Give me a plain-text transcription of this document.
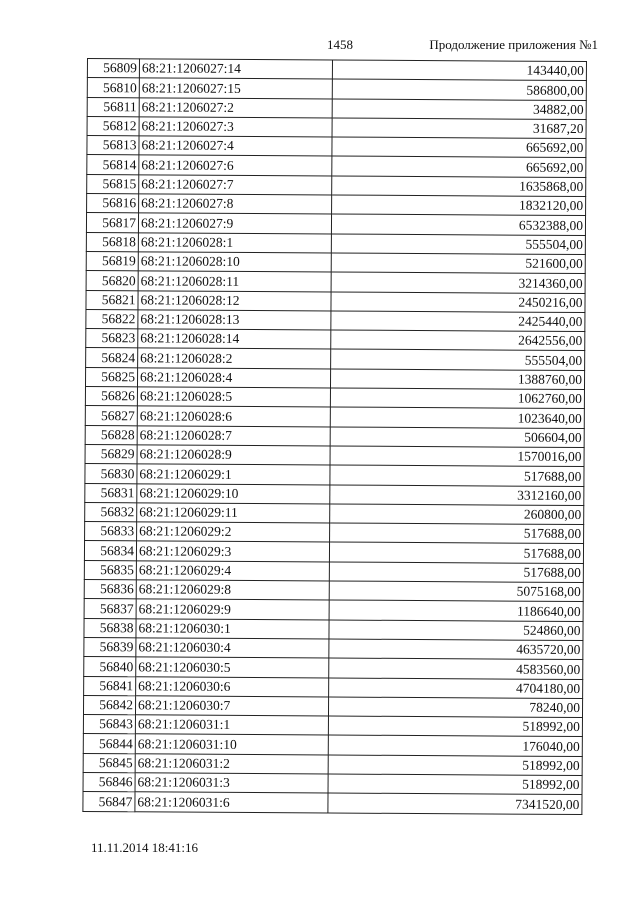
1458	Продолжение приложения №1
56809	68:21:1206027:14	143440,00
56810	68:21:1206027:15	586800,00
56811	68:21:1206027:2	34882,00
56812	68:21:1206027:3	31687,20
56813	68:21:1206027:4	665692,00
56814	68:21:1206027:6	665692,00
56815	68:21:1206027:7	1635868,00
56816	68:21:1206027:8	1832120,00
56817	68:21:1206027:9	6532388,00
56818	68:21:1206028:1	555504,00
56819	68:21:1206028:10	521600,00
56820	68:21:1206028:11	3214360,00
56821	68:21:1206028:12	2450216,00
56822	68:21:1206028:13	2425440,00
56823	68:21:1206028:14	2642556,00
56824	68:21:1206028:2	555504,00
56825	68:21:1206028:4	1388760,00
56826	68:21:1206028:5	1062760,00
56827	68:21:1206028:6	1023640,00
56828	68:21:1206028:7	506604,00
56829	68:21:1206028:9	1570016,00
56830	68:21:1206029:1	517688,00
56831	68:21:1206029:10	3312160,00
56832	68:21:1206029:11	260800,00
56833	68:21:1206029:2	517688,00
56834	68:21:1206029:3	517688,00
56835	68:21:1206029:4	517688,00
56836	68:21:1206029:8	5075168,00
56837	68:21:1206029:9	1186640,00
56838	68:21:1206030:1	524860,00
56839	68:21:1206030:4	4635720,00
56840	68:21:1206030:5	4583560,00
56841	68:21:1206030:6	4704180,00
56842	68:21:1206030:7	78240,00
56843	68:21:1206031:1	518992,00
56844	68:21:1206031:10	176040,00
56845	68:21:1206031:2	518992,00
56846	68:21:1206031:3	518992,00
56847	68:21:1206031:6	7341520,00
11.11.2014 18:41:16
